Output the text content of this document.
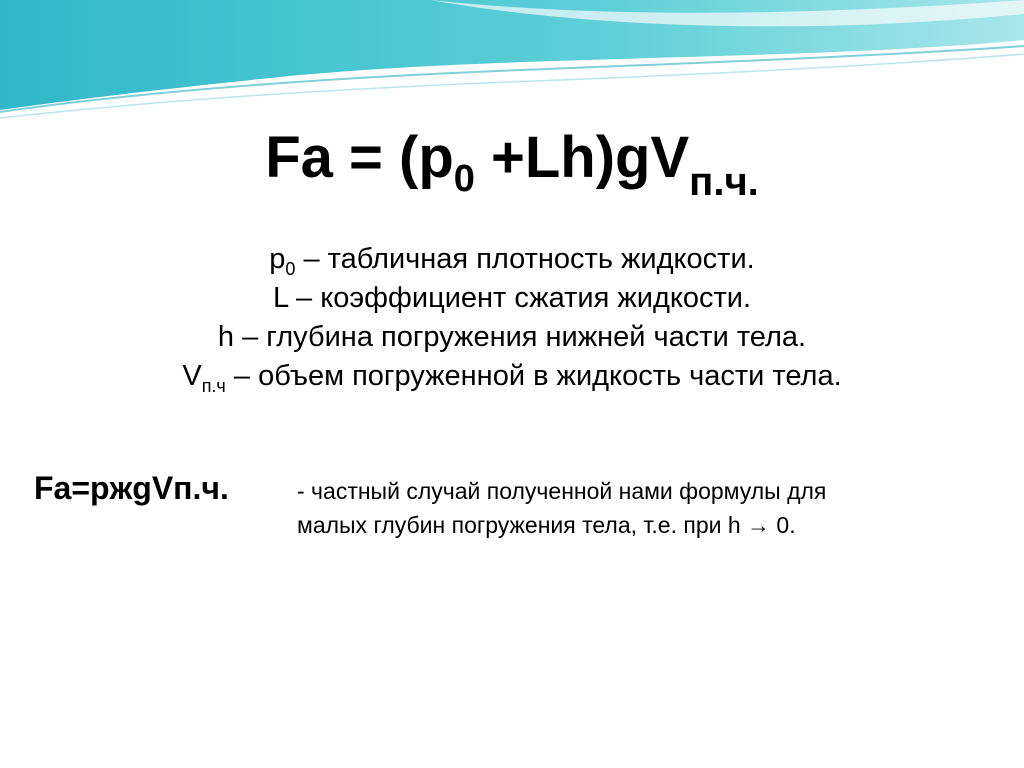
$Fa = (p_0 +Lh)gV_{п.ч.}$
$p_0$ – табличная плотность жидкости.
L – коэффициент сжатия жидкости.
h – глубина погружения нижней части тела.
$V_{п.ч}$ – объем погруженной в жидкость части тела.
Fa=pжgVп.ч.	- частный случай полученной нами формулы для
малых глубин погружения тела, т.е. при h → 0.
